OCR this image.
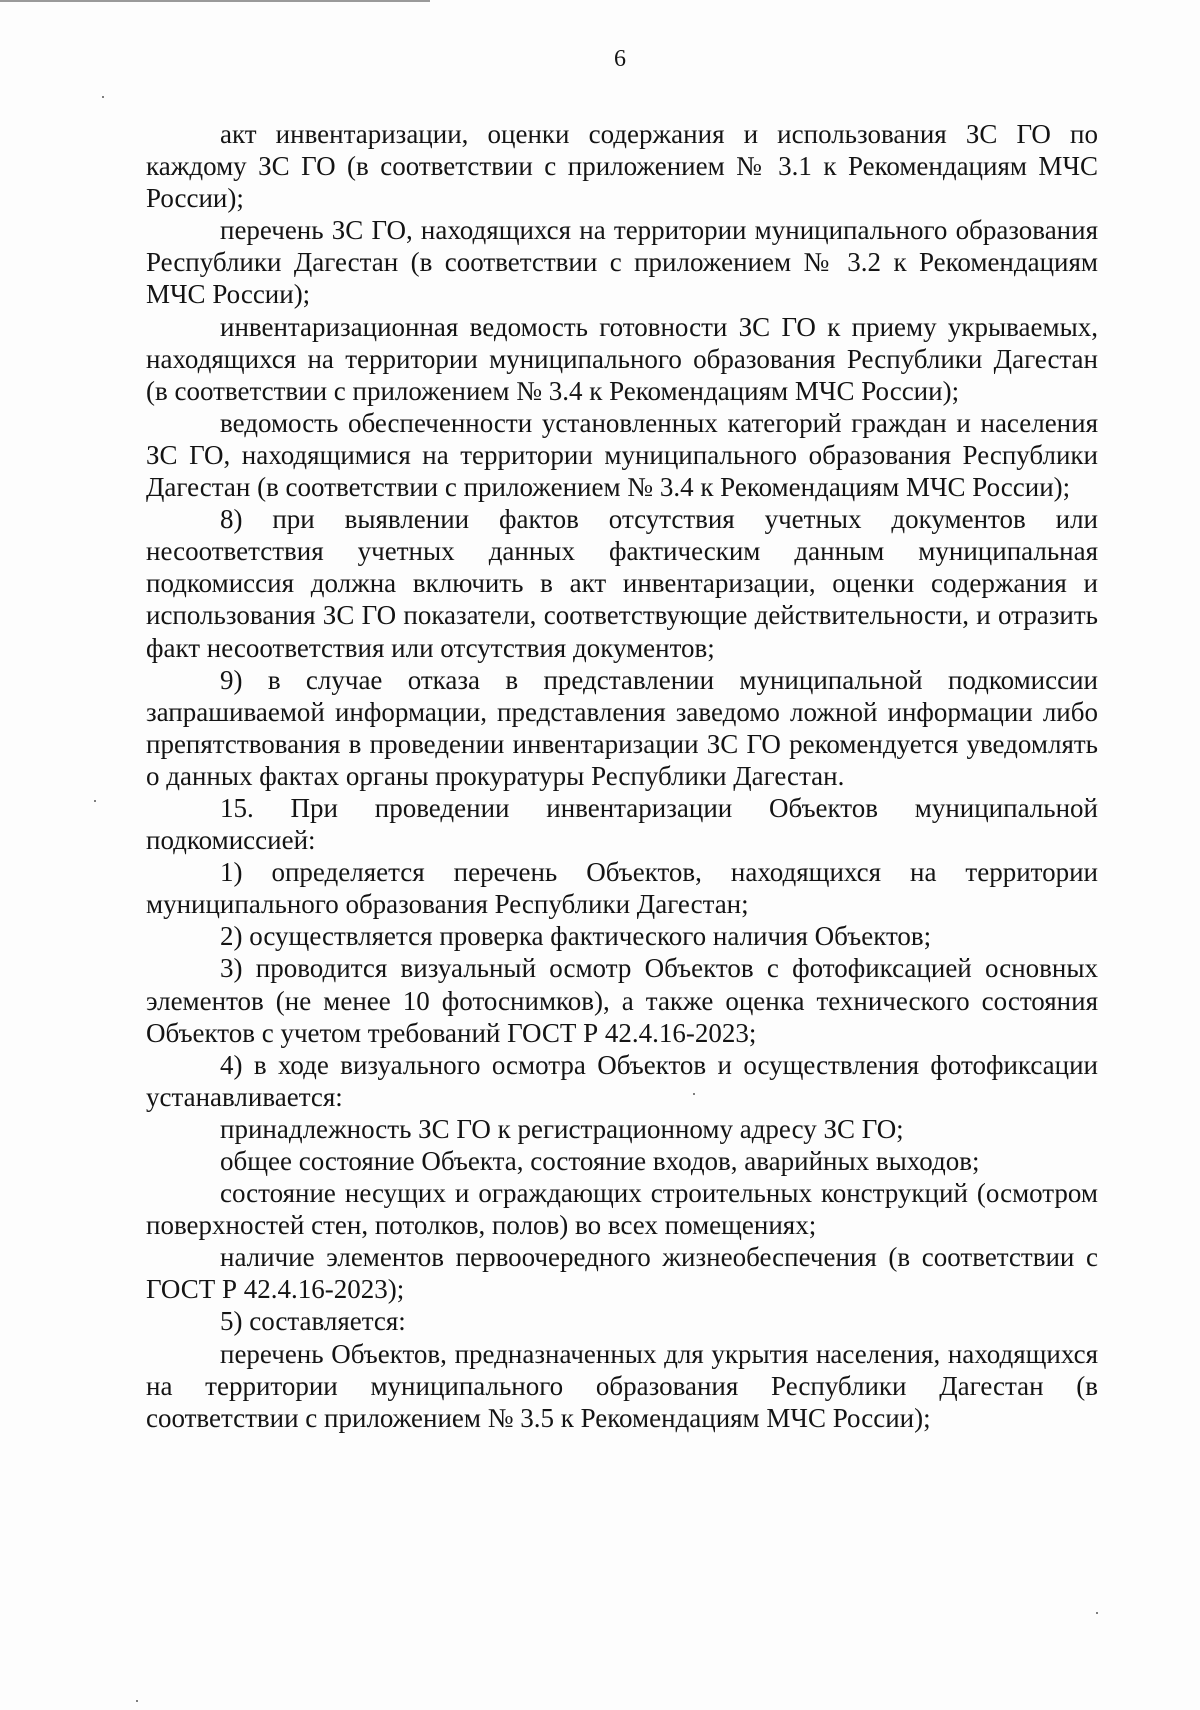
6

акт инвентаризации, оценки содержания и использования ЗС ГО по каждому ЗС ГО (в соответствии с приложением № 3.1 к Рекомендациям МЧС России);

перечень ЗС ГО, находящихся на территории муниципального образования Республики Дагестан (в соответствии с приложением № 3.2 к Рекомендациям МЧС России);

инвентаризационная ведомость готовности ЗС ГО к приему укрываемых, находящихся на территории муниципального образования Республики Дагестан (в соответствии с приложением № 3.4 к Рекомендациям МЧС России);

ведомость обеспеченности установленных категорий граждан и населения ЗС ГО, находящимися на территории муниципального образования Республики Дагестан (в соответствии с приложением № 3.4 к Рекомендациям МЧС России);

8) при выявлении фактов отсутствия учетных документов или несоответствия учетных данных фактическим данным муниципальная подкомиссия должна включить в акт инвентаризации, оценки содержания и использования ЗС ГО показатели, соответствующие действительности, и отразить факт несоответствия или отсутствия документов;

9) в случае отказа в представлении муниципальной подкомиссии запрашиваемой информации, представления заведомо ложной информации либо препятствования в проведении инвентаризации ЗС ГО рекомендуется уведомлять о данных фактах органы прокуратуры Республики Дагестан.

15. При проведении инвентаризации Объектов муниципальной подкомиссией:

1) определяется перечень Объектов, находящихся на территории муниципального образования Республики Дагестан;

2) осуществляется проверка фактического наличия Объектов;

3) проводится визуальный осмотр Объектов с фотофиксацией основных элементов (не менее 10 фотоснимков), а также оценка технического состояния Объектов с учетом требований ГОСТ Р 42.4.16-2023;

4) в ходе визуального осмотра Объектов и осуществления фотофиксации устанавливается:

принадлежность ЗС ГО к регистрационному адресу ЗС ГО;

общее состояние Объекта, состояние входов, аварийных выходов;

состояние несущих и ограждающих строительных конструкций (осмотром поверхностей стен, потолков, полов) во всех помещениях;

наличие элементов первоочередного жизнеобеспечения (в соответствии с ГОСТ Р 42.4.16-2023);

5) составляется:

перечень Объектов, предназначенных для укрытия населения, находящихся на территории муниципального образования Республики Дагестан (в соответствии с приложением № 3.5 к Рекомендациям МЧС России);
